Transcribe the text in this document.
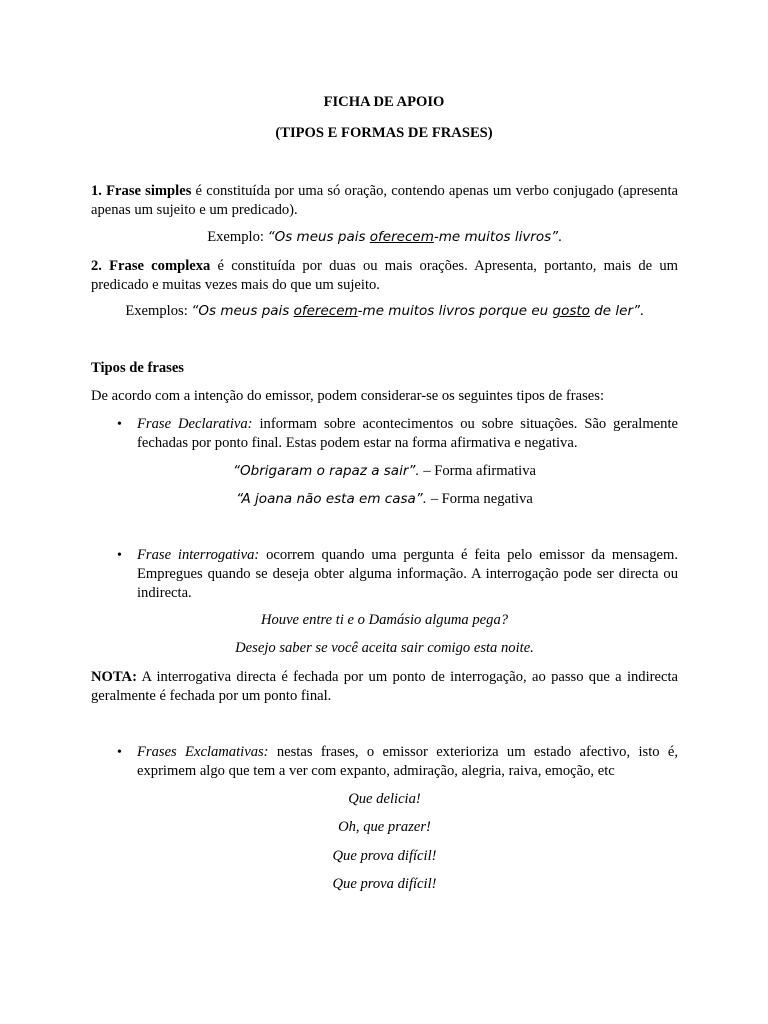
FICHA DE APOIO
(TIPOS E FORMAS DE FRASES)
1. Frase simples é constituída por uma só oração, contendo apenas um verbo conjugado (apresenta apenas um sujeito e um predicado).
Exemplo: “Os meus pais oferecem-me muitos livros”.
2. Frase complexa é constituída por duas ou mais orações. Apresenta, portanto, mais de um predicado e muitas vezes mais do que um sujeito.
Exemplos: “Os meus pais oferecem-me muitos livros porque eu gosto de ler”.
Tipos de frases
De acordo com a intenção do emissor, podem considerar-se os seguintes tipos de frases:
• Frase Declarativa: informam sobre acontecimentos ou sobre situações. São geralmente fechadas por ponto final. Estas podem estar na forma afirmativa e negativa.
“Obrigaram o rapaz a sair”. – Forma afirmativa
“A joana não esta em casa”. – Forma negativa
• Frase interrogativa: ocorrem quando uma pergunta é feita pelo emissor da mensagem. Empregues quando se deseja obter alguma informação. A interrogação pode ser directa ou indirecta.
Houve entre ti e o Damásio alguma pega?
Desejo saber se você aceita sair comigo esta noite.
NOTA: A interrogativa directa é fechada por um ponto de interrogação, ao passo que a indirecta geralmente é fechada por um ponto final.
• Frases Exclamativas: nestas frases, o emissor exterioriza um estado afectivo, isto é, exprimem algo que tem a ver com expanto, admiração, alegria, raiva, emoção, etc
Que delicia!
Oh, que prazer!
Que prova difícil!
Que prova difícil!
